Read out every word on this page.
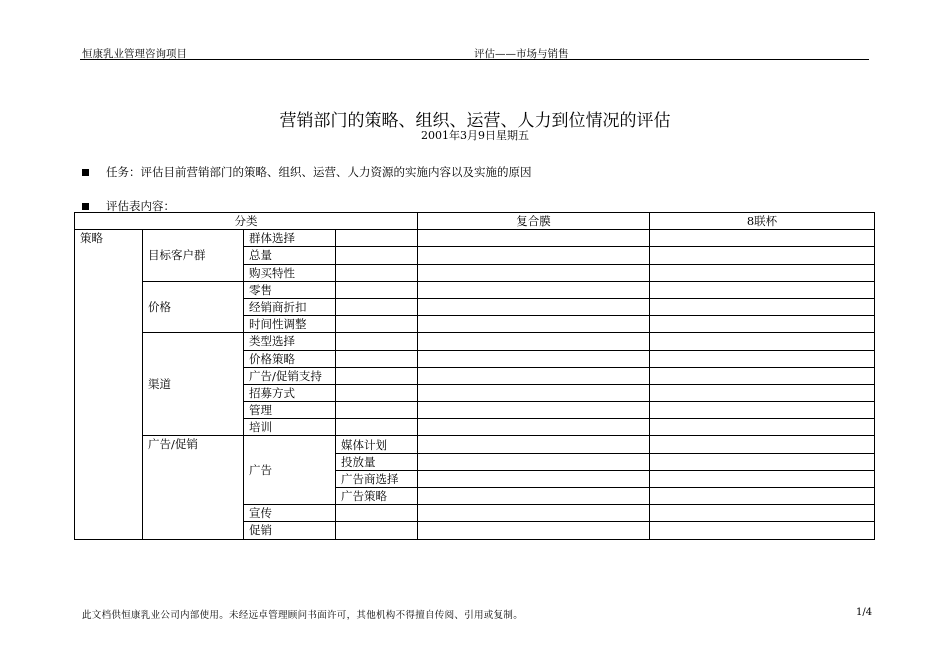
恒康乳业管理咨询项目	评估——市场与销售
营销部门的策略、组织、运营、人力到位情况的评估
2001年3月9日星期五
任务：评估目前营销部门的策略、组织、运营、人力资源的实施内容以及实施的原因
评估表内容：
分类				复合膜	8联杯
策略	目标客户群	群体选择			
		总量			
		购买特性			
	价格	零售			
		经销商折扣			
		时间性调整			
	渠道	类型选择			
		价格策略			
		广告/促销支持			
		招募方式			
		管理			
		培训			
	广告/促销	广告	媒体计划		
			投放量		
			广告商选择		
			广告策略		
		宣传			
		促销			
此文档供恒康乳业公司内部使用。未经远卓管理顾问书面许可，其他机构不得擅自传阅、引用或复制。	1/4
